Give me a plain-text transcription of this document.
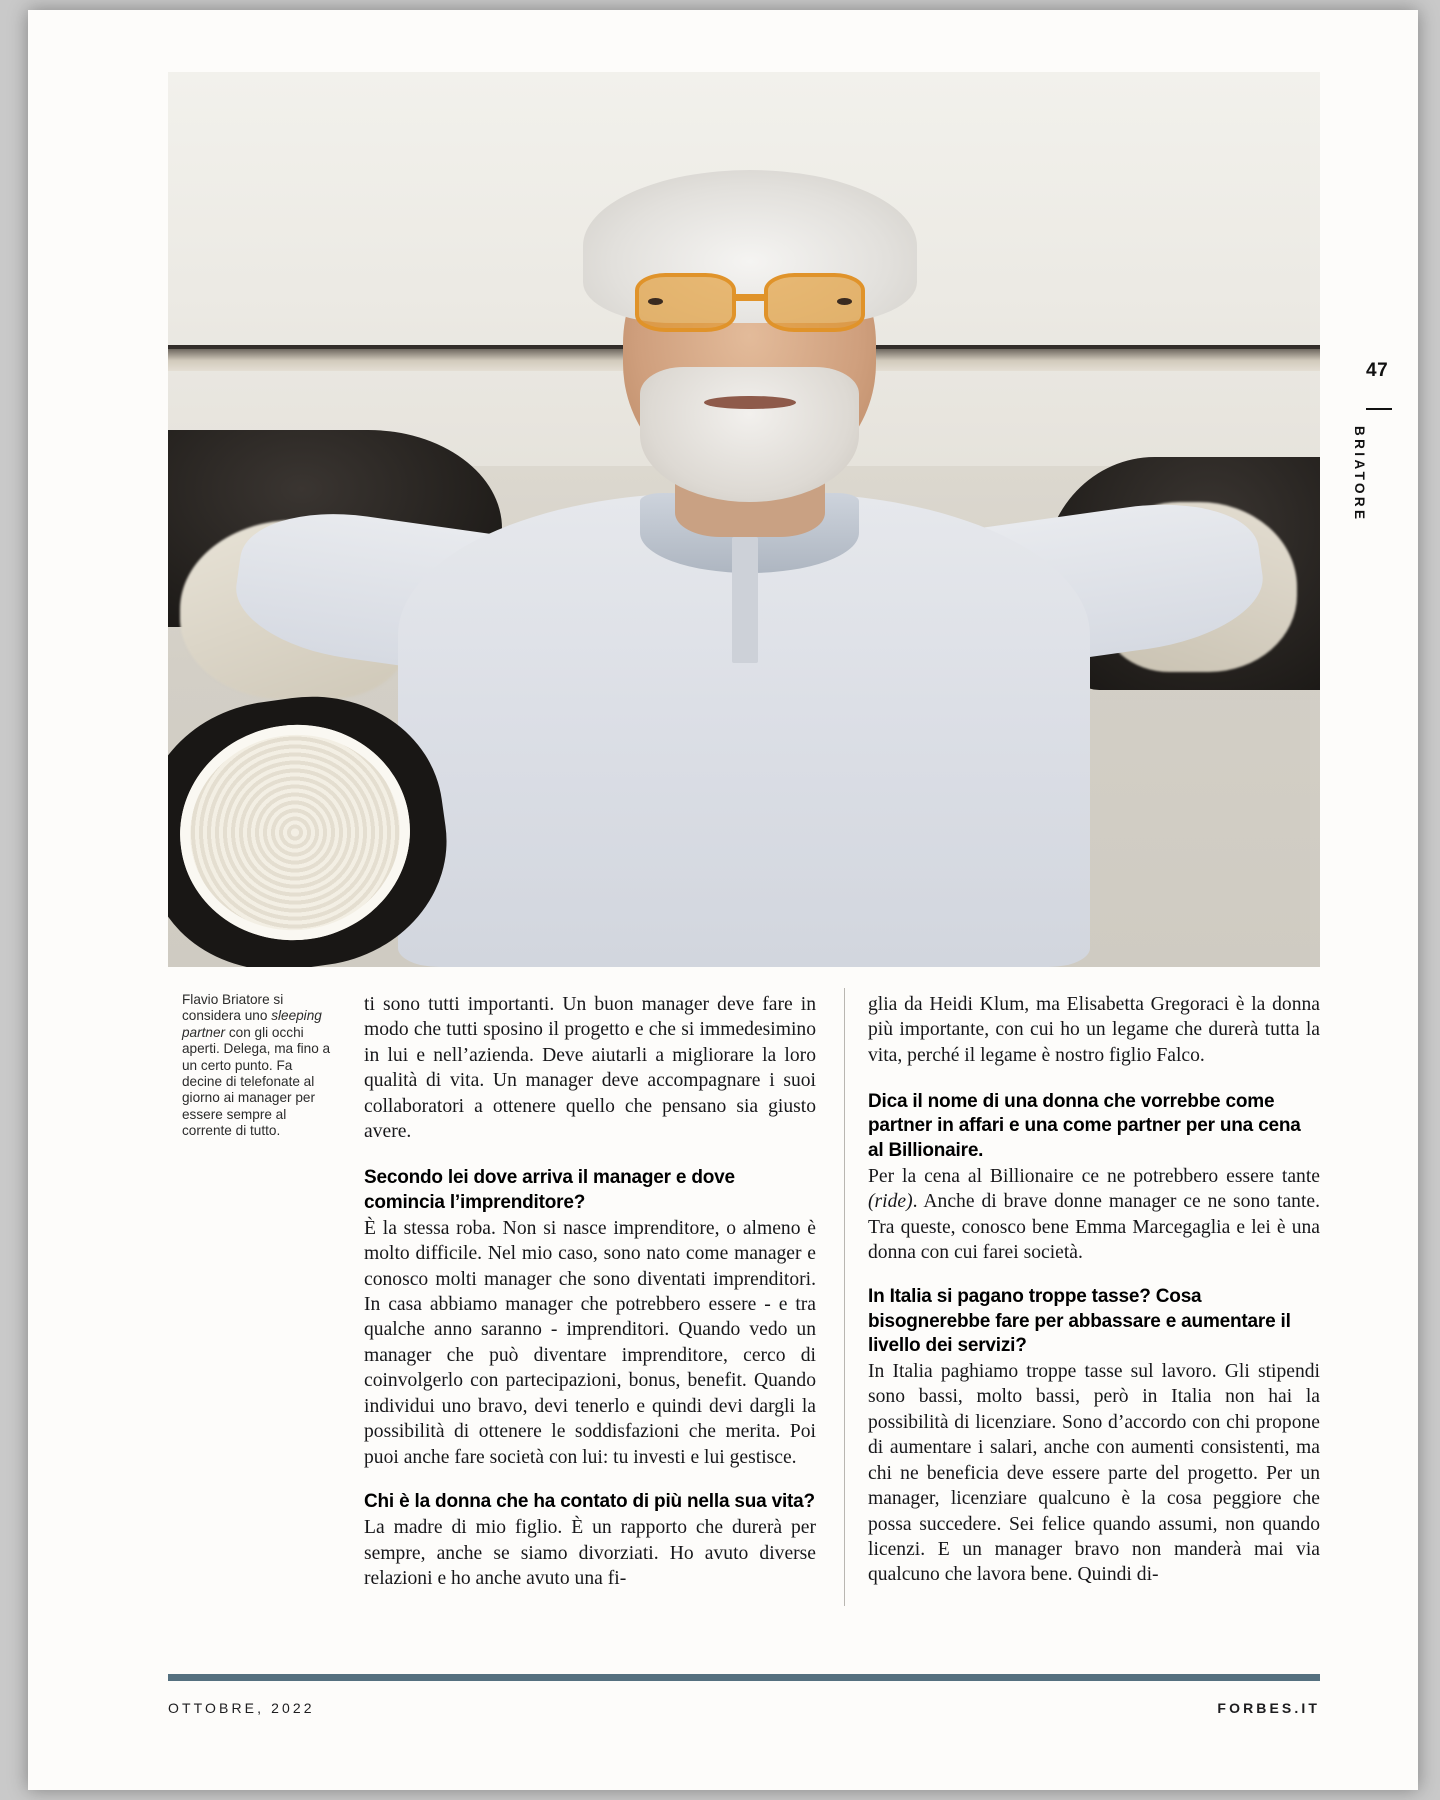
47
BRIATORE
Flavio Briatore si considera uno sleeping partner con gli occhi aperti. Delega, ma fino a un certo punto. Fa decine di telefonate al giorno ai manager per essere sempre al corrente di tutto.

ti sono tutti importanti. Un buon manager deve fare in modo che tutti sposino il progetto e che si immedesimino in lui e nell’azienda. Deve aiutarli a migliorare la loro qualità di vita. Un manager deve accompagnare i suoi collaboratori a ottenere quello che pensano sia giusto avere.

Secondo lei dove arriva il manager e dove comincia l’imprenditore?

È la stessa roba. Non si nasce imprenditore, o almeno è molto difficile. Nel mio caso, sono nato come manager e conosco molti manager che sono diventati imprenditori. In casa abbiamo manager che potrebbero essere - e tra qualche anno saranno - imprenditori. Quando vedo un manager che può diventare imprenditore, cerco di coinvolgerlo con partecipazioni, bonus, benefit. Quando individui uno bravo, devi tenerlo e quindi devi dargli la possibilità di ottenere le soddisfazioni che merita. Poi puoi anche fare società con lui: tu investi e lui gestisce.

Chi è la donna che ha contato di più nella sua vita?

La madre di mio figlio. È un rapporto che durerà per sempre, anche se siamo divorziati. Ho avuto diverse relazioni e ho anche avuto una fi-

glia da Heidi Klum, ma Elisabetta Gregoraci è la donna più importante, con cui ho un legame che durerà tutta la vita, perché il legame è nostro figlio Falco.

Dica il nome di una donna che vorrebbe come partner in affari e una come partner per una cena al Billionaire.

Per la cena al Billionaire ce ne potrebbero essere tante (ride). Anche di brave donne manager ce ne sono tante. Tra queste, conosco bene Emma Marcegaglia e lei è una donna con cui farei società.

In Italia si pagano troppe tasse? Cosa bisognerebbe fare per abbassare e aumentare il livello dei servizi?

In Italia paghiamo troppe tasse sul lavoro. Gli stipendi sono bassi, molto bassi, però in Italia non hai la possibilità di licenziare. Sono d’accordo con chi propone di aumentare i salari, anche con aumenti consistenti, ma chi ne beneficia deve essere parte del progetto. Per un manager, licenziare qualcuno è la cosa peggiore che possa succedere. Sei felice quando assumi, non quando licenzi. E un manager bravo non manderà mai via qualcuno che lavora bene. Quindi di-

OTTOBRE, 2022	FORBES.IT
